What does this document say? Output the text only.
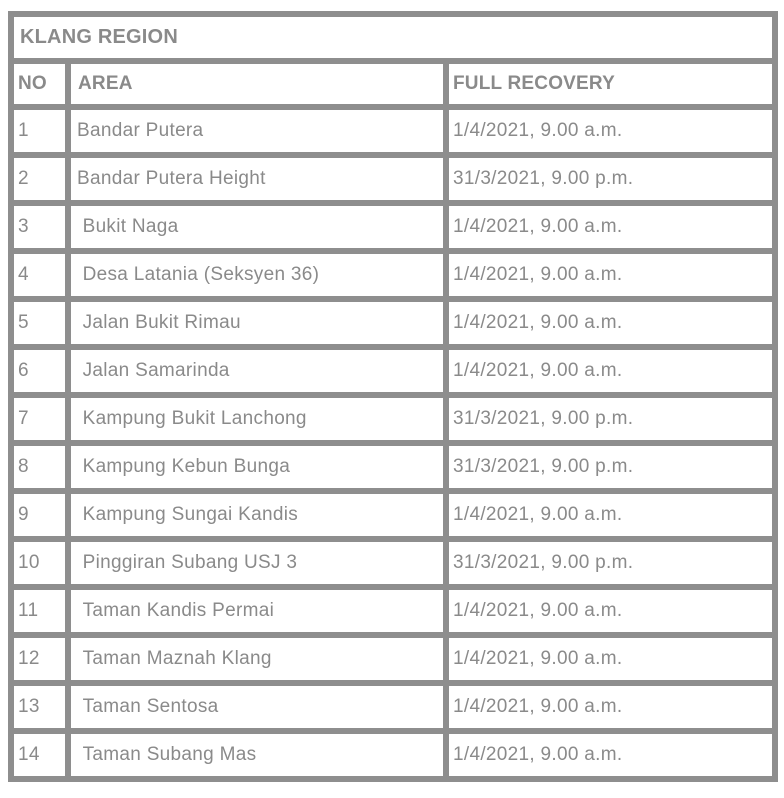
KLANG REGION		
NO	AREA	FULL RECOVERY
1	Bandar Putera	1/4/2021, 9.00 a.m.
2	Bandar Putera Height	31/3/2021, 9.00 p.m.
3	Bukit Naga	1/4/2021, 9.00 a.m.
4	Desa Latania (Seksyen 36)	1/4/2021, 9.00 a.m.
5	Jalan Bukit Rimau	1/4/2021, 9.00 a.m.
6	Jalan Samarinda	1/4/2021, 9.00 a.m.
7	Kampung Bukit Lanchong	31/3/2021, 9.00 p.m.
8	Kampung Kebun Bunga	31/3/2021, 9.00 p.m.
9	Kampung Sungai Kandis	1/4/2021, 9.00 a.m.
10	Pinggiran Subang USJ 3	31/3/2021, 9.00 p.m.
11	Taman Kandis Permai	1/4/2021, 9.00 a.m.
12	Taman Maznah Klang	1/4/2021, 9.00 a.m.
13	Taman Sentosa	1/4/2021, 9.00 a.m.
14	Taman Subang Mas	1/4/2021, 9.00 a.m.
